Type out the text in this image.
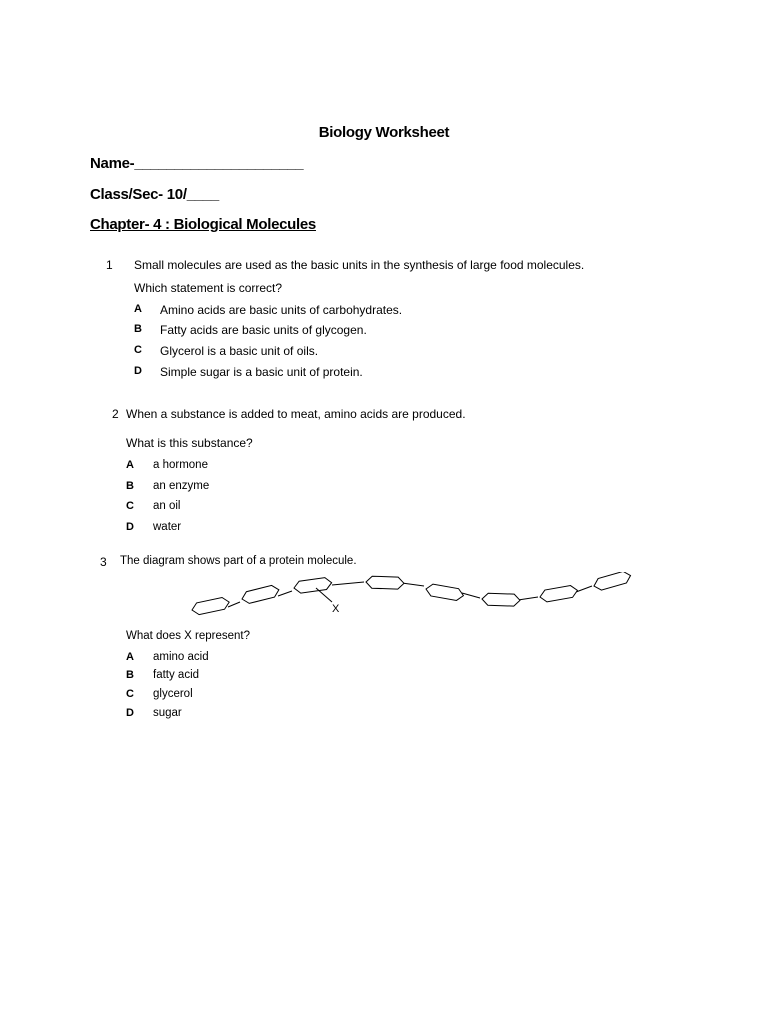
Biology Worksheet
Name-_____________________
Class/Sec- 10/____
Chapter- 4 : Biological Molecules
1 Small molecules are used as the basic units in the synthesis of large food molecules.
Which statement is correct?
A Amino acids are basic units of carbohydrates.
B Fatty acids are basic units of glycogen.
C Glycerol is a basic unit of oils.
D Simple sugar is a basic unit of protein.
2 When a substance is added to meat, amino acids are produced.
What is this substance?
A a hormone
B an enzyme
C an oil
D water
3 The diagram shows part of a protein molecule.
X
What does X represent?
A amino acid
B fatty acid
C glycerol
D sugar
